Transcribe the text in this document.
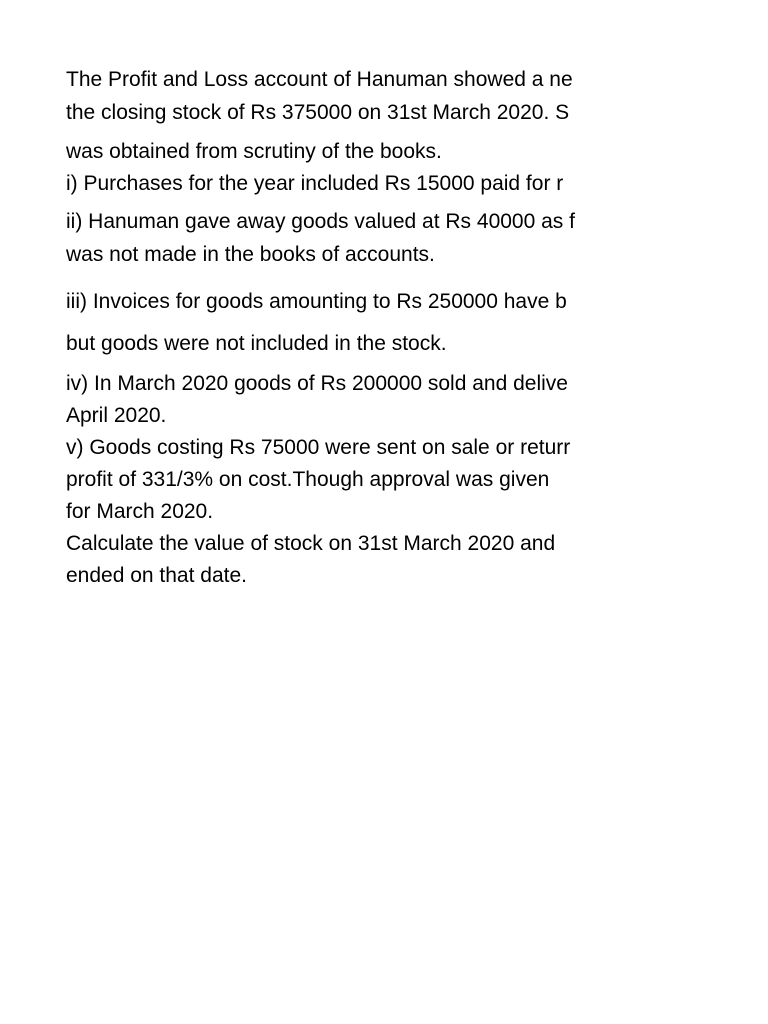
The Profit and Loss account of Hanuman showed a ne
the closing stock of Rs 375000 on 31st March 2020. S
was obtained from scrutiny of the books.
i) Purchases for the year included Rs 15000 paid for r
ii) Hanuman gave away goods valued at Rs 40000 as f
was not made in the books of accounts.
iii) Invoices for goods amounting to Rs 250000 have b
but goods were not included in the stock.
iv) In March 2020 goods of Rs 200000 sold and delive
April 2020.
v) Goods costing Rs 75000 were sent on sale or returr
profit of 331/3% on cost.Though approval was given
for March 2020.
Calculate the value of stock on 31st March 2020 and
ended on that date.
